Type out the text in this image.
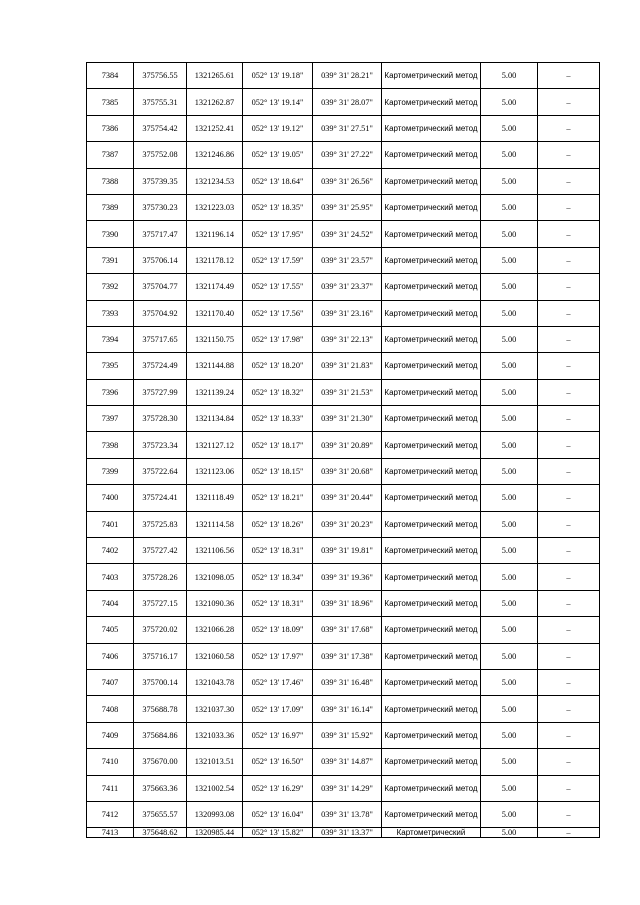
7384	375756.55	1321265.61	052° 13' 19.18"	039° 31' 28.21"	Картометрический метод	5.00	–
7385	375755.31	1321262.87	052° 13' 19.14"	039° 31' 28.07"	Картометрический метод	5.00	–
7386	375754.42	1321252.41	052° 13' 19.12"	039° 31' 27.51"	Картометрический метод	5.00	–
7387	375752.08	1321246.86	052° 13' 19.05"	039° 31' 27.22"	Картометрический метод	5.00	–
7388	375739.35	1321234.53	052° 13' 18.64"	039° 31' 26.56"	Картометрический метод	5.00	–
7389	375730.23	1321223.03	052° 13' 18.35"	039° 31' 25.95"	Картометрический метод	5.00	–
7390	375717.47	1321196.14	052° 13' 17.95"	039° 31' 24.52"	Картометрический метод	5.00	–
7391	375706.14	1321178.12	052° 13' 17.59"	039° 31' 23.57"	Картометрический метод	5.00	–
7392	375704.77	1321174.49	052° 13' 17.55"	039° 31' 23.37"	Картометрический метод	5.00	–
7393	375704.92	1321170.40	052° 13' 17.56"	039° 31' 23.16"	Картометрический метод	5.00	–
7394	375717.65	1321150.75	052° 13' 17.98"	039° 31' 22.13"	Картометрический метод	5.00	–
7395	375724.49	1321144.88	052° 13' 18.20"	039° 31' 21.83"	Картометрический метод	5.00	–
7396	375727.99	1321139.24	052° 13' 18.32"	039° 31' 21.53"	Картометрический метод	5.00	–
7397	375728.30	1321134.84	052° 13' 18.33"	039° 31' 21.30"	Картометрический метод	5.00	–
7398	375723.34	1321127.12	052° 13' 18.17"	039° 31' 20.89"	Картометрический метод	5.00	–
7399	375722.64	1321123.06	052° 13' 18.15"	039° 31' 20.68"	Картометрический метод	5.00	–
7400	375724.41	1321118.49	052° 13' 18.21"	039° 31' 20.44"	Картометрический метод	5.00	–
7401	375725.83	1321114.58	052° 13' 18.26"	039° 31' 20.23"	Картометрический метод	5.00	–
7402	375727.42	1321106.56	052° 13' 18.31"	039° 31' 19.81"	Картометрический метод	5.00	–
7403	375728.26	1321098.05	052° 13' 18.34"	039° 31' 19.36"	Картометрический метод	5.00	–
7404	375727.15	1321090.36	052° 13' 18.31"	039° 31' 18.96"	Картометрический метод	5.00	–
7405	375720.02	1321066.28	052° 13' 18.09"	039° 31' 17.68"	Картометрический метод	5.00	–
7406	375716.17	1321060.58	052° 13' 17.97"	039° 31' 17.38"	Картометрический метод	5.00	–
7407	375700.14	1321043.78	052° 13' 17.46"	039° 31' 16.48"	Картометрический метод	5.00	–
7408	375688.78	1321037.30	052° 13' 17.09"	039° 31' 16.14"	Картометрический метод	5.00	–
7409	375684.86	1321033.36	052° 13' 16.97"	039° 31' 15.92"	Картометрический метод	5.00	–
7410	375670.00	1321013.51	052° 13' 16.50"	039° 31' 14.87"	Картометрический метод	5.00	–
7411	375663.36	1321002.54	052° 13' 16.29"	039° 31' 14.29"	Картометрический метод	5.00	–
7412	375655.57	1320993.08	052° 13' 16.04"	039° 31' 13.78"	Картометрический метод	5.00	–
7413	375648.62	1320985.44	052° 13' 15.82"	039° 31' 13.37"	Картометрический	5.00	–
